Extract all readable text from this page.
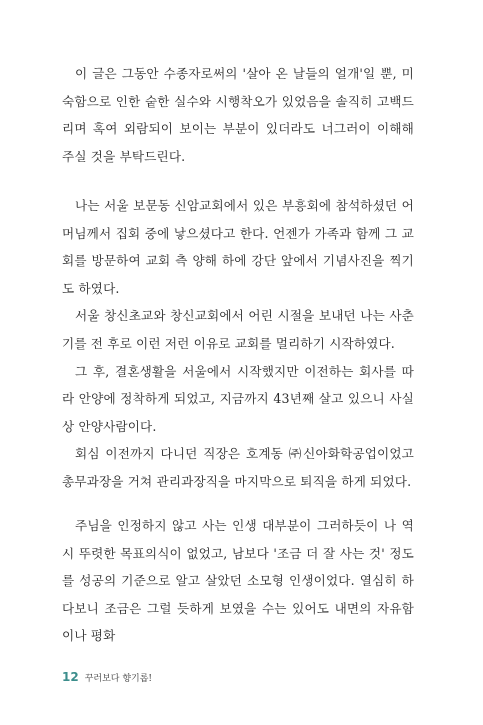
이 글은 그동안 수종자로써의 '살아 온 날들의 얼개'일 뿐, 미숙함으로 인한 숱한 실수와 시행착오가 있었음을 솔직히 고백드리며 혹여 외람되이 보이는 부분이 있더라도 너그러이 이해해 주실 것을 부탁드린다.

나는 서울 보문동 신암교회에서 있은 부흥회에 참석하셨던 어머님께서 집회 중에 낳으셨다고 한다. 언젠가 가족과 함께 그 교회를 방문하여 교회 측 양해 하에 강단 앞에서 기념사진을 찍기도 하였다.

서울 창신초교와 창신교회에서 어린 시절을 보내던 나는 사춘기를 전 후로 이런 저런 이유로 교회를 멀리하기 시작하였다.

그 후, 결혼생활을 서울에서 시작했지만 이전하는 회사를 따라 안양에 정착하게 되었고, 지금까지 43년째 살고 있으니 사실 상 안양사람이다.

회심 이전까지 다니던 직장은 호계동 ㈜신아화학공업이었고 총무과장을 거쳐 관리과장직을 마지막으로 퇴직을 하게 되었다.

주님을 인정하지 않고 사는 인생 대부분이 그러하듯이 나 역시 뚜렷한 목표의식이 없었고, 남보다 '조금 더 잘 사는 것' 정도를 성공의 기준으로 알고 살았던 소모형 인생이었다. 열심히 하다보니 조금은 그럴 듯하게 보였을 수는 있어도 내면의 자유함이나 평화

12 꾸러보다 향기롭!
